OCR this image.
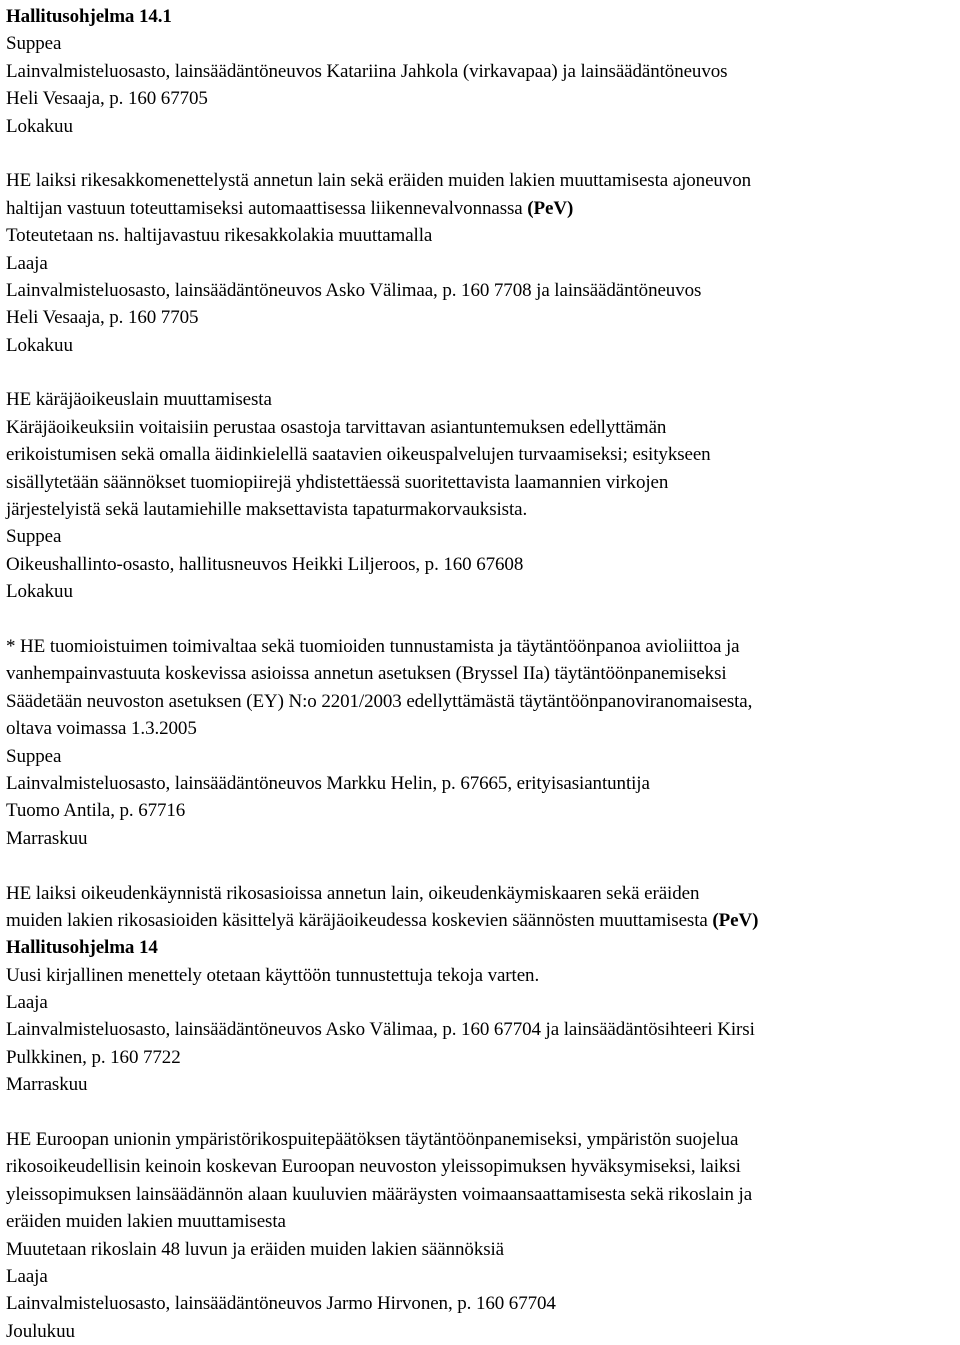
Hallitusohjelma 14.1
Suppea
Lainvalmisteluosasto, lainsäädäntöneuvos Katariina Jahkola (virkavapaa) ja lainsäädäntöneuvos
Heli Vesaaja, p. 160 67705
Lokakuu
HE laiksi rikesakkomenettelystä annetun lain sekä eräiden muiden lakien muuttamisesta ajoneuvon
haltijan vastuun toteuttamiseksi automaattisessa liikennevalvonnassa (PeV)
Toteutetaan ns. haltijavastuu rikesakkolakia muuttamalla
Laaja
Lainvalmisteluosasto, lainsäädäntöneuvos Asko Välimaa, p. 160 7708 ja lainsäädäntöneuvos
Heli Vesaaja, p. 160 7705
Lokakuu
HE käräjäoikeuslain muuttamisesta
Käräjäoikeuksiin voitaisiin perustaa osastoja tarvittavan asiantuntemuksen edellyttämän
erikoistumisen sekä omalla äidinkielellä saatavien oikeuspalvelujen turvaamiseksi; esitykseen
sisällytetään säännökset tuomiopiirejä yhdistettäessä suoritettavista laamannien virkojen
järjestelyistä sekä lautamiehille maksettavista tapaturmakorvauksista.
Suppea
Oikeushallinto-osasto, hallitusneuvos Heikki Liljeroos, p. 160 67608
Lokakuu
* HE tuomioistuimen toimivaltaa sekä tuomioiden tunnustamista ja täytäntöönpanoa avioliittoa ja
vanhempainvastuuta koskevissa asioissa annetun asetuksen (Bryssel IIa) täytäntöönpanemiseksi
Säädetään neuvoston asetuksen (EY) N:o 2201/2003 edellyttämästä täytäntöönpanoviranomaisesta,
oltava voimassa 1.3.2005
Suppea
Lainvalmisteluosasto, lainsäädäntöneuvos Markku Helin, p. 67665, erityisasiantuntija
Tuomo Antila, p. 67716
Marraskuu
HE laiksi oikeudenkäynnistä rikosasioissa annetun lain, oikeudenkäymiskaaren sekä eräiden
muiden lakien rikosasioiden käsittelyä käräjäoikeudessa koskevien säännösten muuttamisesta (PeV)
Hallitusohjelma 14
Uusi kirjallinen menettely otetaan käyttöön tunnustettuja tekoja varten.
Laaja
Lainvalmisteluosasto, lainsäädäntöneuvos Asko Välimaa, p. 160 67704 ja lainsäädäntösihteeri Kirsi
Pulkkinen, p. 160 7722
Marraskuu
HE Euroopan unionin ympäristörikospuitepäätöksen täytäntöönpanemiseksi, ympäristön suojelua
rikosoikeudellisin keinoin koskevan Euroopan neuvoston yleissopimuksen hyväksymiseksi, laiksi
yleissopimuksen lainsäädännön alaan kuuluvien määräysten voimaansaattamisesta sekä rikoslain ja
eräiden muiden lakien muuttamisesta
Muutetaan rikoslain 48 luvun ja eräiden muiden lakien säännöksiä
Laaja
Lainvalmisteluosasto, lainsäädäntöneuvos Jarmo Hirvonen, p. 160 67704
Joulukuu
